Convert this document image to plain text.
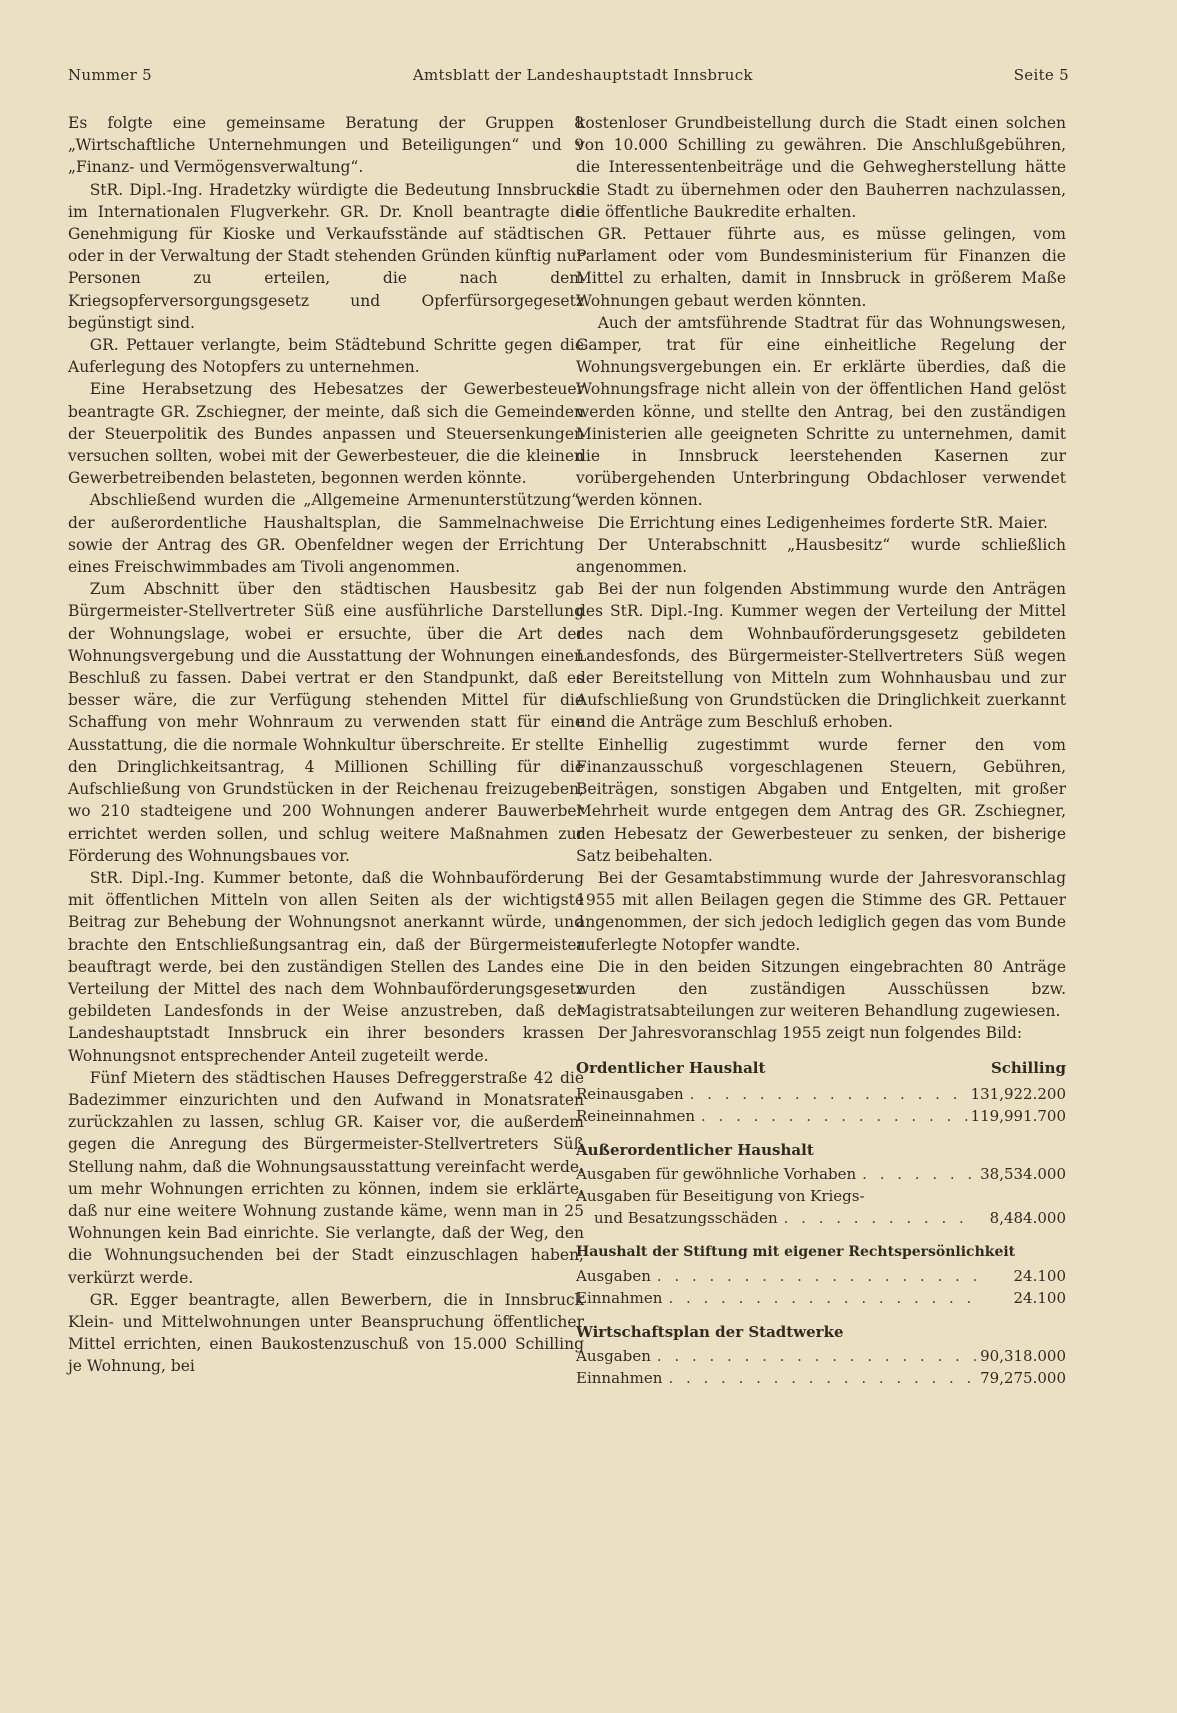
Nummer 5	Amtsblatt der Landeshauptstadt Innsbruck	Seite 5

Es folgte eine gemeinsame Beratung der Gruppen 8 „Wirtschaftliche Unternehmungen und Beteiligungen“ und 9 „Finanz- und Vermögensverwaltung“.

StR. Dipl.-Ing. Hradetzky würdigte die Bedeutung Innsbrucks im Internationalen Flugverkehr. GR. Dr. Knoll beantragte die Genehmigung für Kioske und Verkaufsstände auf städtischen oder in der Verwaltung der Stadt stehenden Gründen künftig nur Personen zu erteilen, die nach dem Kriegsopferversorgungsgesetz und Opferfürsorgegesetz begünstigt sind.

GR. Pettauer verlangte, beim Städtebund Schritte gegen die Auferlegung des Notopfers zu unternehmen.

Eine Herabsetzung des Hebesatzes der Gewerbesteuer beantragte GR. Zschiegner, der meinte, daß sich die Gemeinden der Steuerpolitik des Bundes anpassen und Steuersenkungen versuchen sollten, wobei mit der Gewerbesteuer, die die kleinen Gewerbetreibenden belasteten, begonnen werden könnte.

Abschließend wurden die „Allgemeine Armenunterstützung“, der außerordentliche Haushaltsplan, die Sammelnachweise sowie der Antrag des GR. Obenfeldner wegen der Errichtung eines Freischwimmbades am Tivoli angenommen.

Zum Abschnitt über den städtischen Hausbesitz gab Bürgermeister-Stellvertreter Süß eine ausführliche Darstellung der Wohnungslage, wobei er ersuchte, über die Art der Wohnungsvergebung und die Ausstattung der Wohnungen einen Beschluß zu fassen. Dabei vertrat er den Standpunkt, daß es besser wäre, die zur Verfügung stehenden Mittel für die Schaffung von mehr Wohnraum zu verwenden statt für eine Ausstattung, die die normale Wohnkultur überschreite. Er stellte den Dringlichkeitsantrag, 4 Millionen Schilling für die Aufschließung von Grundstücken in der Reichenau freizugeben, wo 210 stadteigene und 200 Wohnungen anderer Bauwerber errichtet werden sollen, und schlug weitere Maßnahmen zur Förderung des Wohnungsbaues vor.

StR. Dipl.-Ing. Kummer betonte, daß die Wohnbauförderung mit öffentlichen Mitteln von allen Seiten als der wichtigste Beitrag zur Behebung der Wohnungsnot anerkannt würde, und brachte den Entschließungsantrag ein, daß der Bürgermeister beauftragt werde, bei den zuständigen Stellen des Landes eine Verteilung der Mittel des nach dem Wohnbauförderungsgesetz gebildeten Landesfonds in der Weise anzustreben, daß der Landeshauptstadt Innsbruck ein ihrer besonders krassen Wohnungsnot entsprechender Anteil zugeteilt werde.

Fünf Mietern des städtischen Hauses Defreggerstraße 42 die Badezimmer einzurichten und den Aufwand in Monatsraten zurückzahlen zu lassen, schlug GR. Kaiser vor, die außerdem gegen die Anregung des Bürgermeister-Stellvertreters Süß Stellung nahm, daß die Wohnungsausstattung vereinfacht werde, um mehr Wohnungen errichten zu können, indem sie erklärte, daß nur eine weitere Wohnung zustande käme, wenn man in 25 Wohnungen kein Bad einrichte. Sie verlangte, daß der Weg, den die Wohnungsuchenden bei der Stadt einzuschlagen haben, verkürzt werde.

GR. Egger beantragte, allen Bewerbern, die in Innsbruck Klein- und Mittelwohnungen unter Beanspruchung öffentlicher Mittel errichten, einen Baukostenzuschuß von 15.000 Schilling je Wohnung, bei

kostenloser Grundbeistellung durch die Stadt einen solchen von 10.000 Schilling zu gewähren. Die Anschlußgebühren, die Interessentenbeiträge und die Gehwegherstellung hätte die Stadt zu übernehmen oder den Bauherren nachzulassen, die öffentliche Baukredite erhalten.

GR. Pettauer führte aus, es müsse gelingen, vom Parlament oder vom Bundesministerium für Finanzen die Mittel zu erhalten, damit in Innsbruck in größerem Maße Wohnungen gebaut werden könnten.

Auch der amtsführende Stadtrat für das Wohnungswesen, Gamper, trat für eine einheitliche Regelung der Wohnungsvergebungen ein. Er erklärte überdies, daß die Wohnungsfrage nicht allein von der öffentlichen Hand gelöst werden könne, und stellte den Antrag, bei den zuständigen Ministerien alle geeigneten Schritte zu unternehmen, damit die in Innsbruck leerstehenden Kasernen zur vorübergehenden Unterbringung Obdachloser verwendet werden können.

Die Errichtung eines Ledigenheimes forderte StR. Maier.

Der Unterabschnitt „Hausbesitz“ wurde schließlich angenommen.

Bei der nun folgenden Abstimmung wurde den Anträgen des StR. Dipl.-Ing. Kummer wegen der Verteilung der Mittel des nach dem Wohnbauförderungsgesetz gebildeten Landesfonds, des Bürgermeister-Stellvertreters Süß wegen der Bereitstellung von Mitteln zum Wohnhausbau und zur Aufschließung von Grundstücken die Dringlichkeit zuerkannt und die Anträge zum Beschluß erhoben.

Einhellig zugestimmt wurde ferner den vom Finanzausschuß vorgeschlagenen Steuern, Gebühren, Beiträgen, sonstigen Abgaben und Entgelten, mit großer Mehrheit wurde entgegen dem Antrag des GR. Zschiegner, den Hebesatz der Gewerbesteuer zu senken, der bisherige Satz beibehalten.

Bei der Gesamtabstimmung wurde der Jahresvoranschlag 1955 mit allen Beilagen gegen die Stimme des GR. Pettauer angenommen, der sich jedoch lediglich gegen das vom Bunde auferlegte Notopfer wandte.

Die in den beiden Sitzungen eingebrachten 80 Anträge wurden den zuständigen Ausschüssen bzw. Magistratsabteilungen zur weiteren Behandlung zugewiesen.

Der Jahresvoranschlag 1955 zeigt nun folgendes Bild:

Ordentlicher Haushalt	Schilling
Reinausgaben . . .	131,922.200
Reineinnahmen . . .	119,991.700
Außerordentlicher Haushalt
Ausgaben für gewöhnliche Vorhaben . . .	38,534.000
Ausgaben für Beseitigung von Kriegs-
und Besatzungsschäden . . .	8,484.000
Haushalt der Stiftung mit eigener Rechtspersönlichkeit
Ausgaben . . .	24.100
Einnahmen . . .	24.100
Wirtschaftsplan der Stadtwerke
Ausgaben . . .	90,318.000
Einnahmen . . .	79,275.000
